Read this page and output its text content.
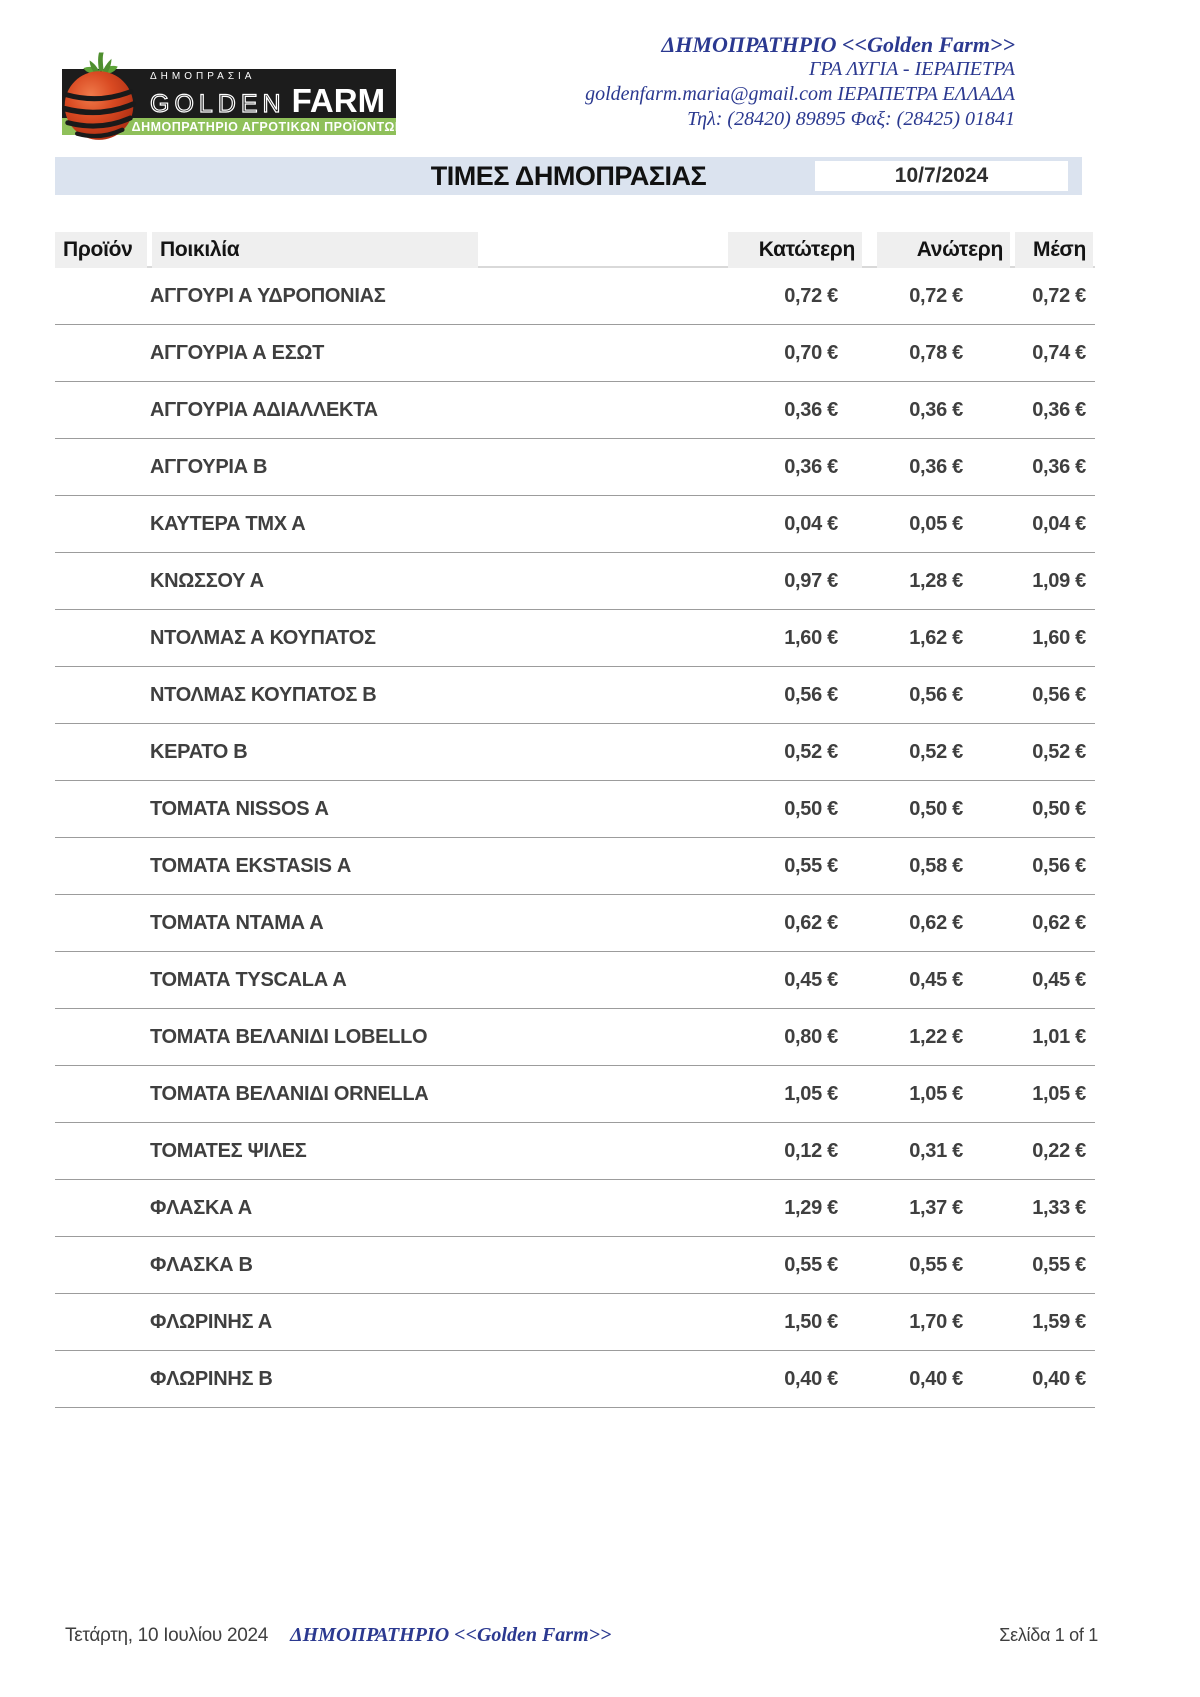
ΔΗΜΟΠΡΑΣΙΑ
GOLDEN FARM
ΔΗΜΟΠΡΑΤΗΡΙΟ ΑΓΡΟΤΙΚΩΝ ΠΡΟΪΟΝΤΩΝ
ΔΗΜΟΠΡΑΤΗΡΙΟ <<Golden Farm>>
ΓΡΑ ΛΥΓΙΑ - ΙΕΡΑΠΕΤΡΑ
goldenfarm.maria@gmail.com ΙΕΡΑΠΕΤΡΑ ΕΛΛΑΔΑ
Τηλ: (28420) 89895 Φαξ: (28425) 01841
ΤΙΜΕΣ ΔΗΜΟΠΡΑΣΙΑΣ	10/7/2024
Προϊόν	Ποικιλία	Κατώτερη	Ανώτερη	Μέση
ΑΓΓΟΥΡΙ Α ΥΔΡΟΠΟΝΙΑΣ	0,72 €	0,72 €	0,72 €
ΑΓΓΟΥΡΙΑ Α ΕΣΩΤ	0,70 €	0,78 €	0,74 €
ΑΓΓΟΥΡΙΑ ΑΔΙΑΛΛΕΚΤΑ	0,36 €	0,36 €	0,36 €
ΑΓΓΟΥΡΙΑ Β	0,36 €	0,36 €	0,36 €
ΚΑΥΤΕΡΑ ΤΜΧ Α	0,04 €	0,05 €	0,04 €
ΚΝΩΣΣΟΥ Α	0,97 €	1,28 €	1,09 €
ΝΤΟΛΜΑΣ Α ΚΟΥΠΑΤΟΣ	1,60 €	1,62 €	1,60 €
ΝΤΟΛΜΑΣ ΚΟΥΠΑΤΟΣ Β	0,56 €	0,56 €	0,56 €
ΚΕΡΑΤΟ Β	0,52 €	0,52 €	0,52 €
ΤΟΜΑΤΑ NISSOS Α	0,50 €	0,50 €	0,50 €
ΤΟΜΑΤΑ EKSTASIS Α	0,55 €	0,58 €	0,56 €
ΤΟΜΑΤΑ ΝΤΑΜΑ Α	0,62 €	0,62 €	0,62 €
ΤΟΜΑΤΑ TYSCALA Α	0,45 €	0,45 €	0,45 €
ΤΟΜΑΤΑ ΒΕΛΑΝΙΔΙ LOBELLO	0,80 €	1,22 €	1,01 €
ΤΟΜΑΤΑ ΒΕΛΑΝΙΔΙ ORNELLA	1,05 €	1,05 €	1,05 €
ΤΟΜΑΤΕΣ ΨΙΛΕΣ	0,12 €	0,31 €	0,22 €
ΦΛΑΣΚΑ Α	1,29 €	1,37 €	1,33 €
ΦΛΑΣΚΑ Β	0,55 €	0,55 €	0,55 €
ΦΛΩΡΙΝΗΣ Α	1,50 €	1,70 €	1,59 €
ΦΛΩΡΙΝΗΣ Β	0,40 €	0,40 €	0,40 €
Τετάρτη, 10 Ιουλίου 2024 ΔΗΜΟΠΡΑΤΗΡΙΟ <<Golden Farm>>	Σελίδα 1 of 1
